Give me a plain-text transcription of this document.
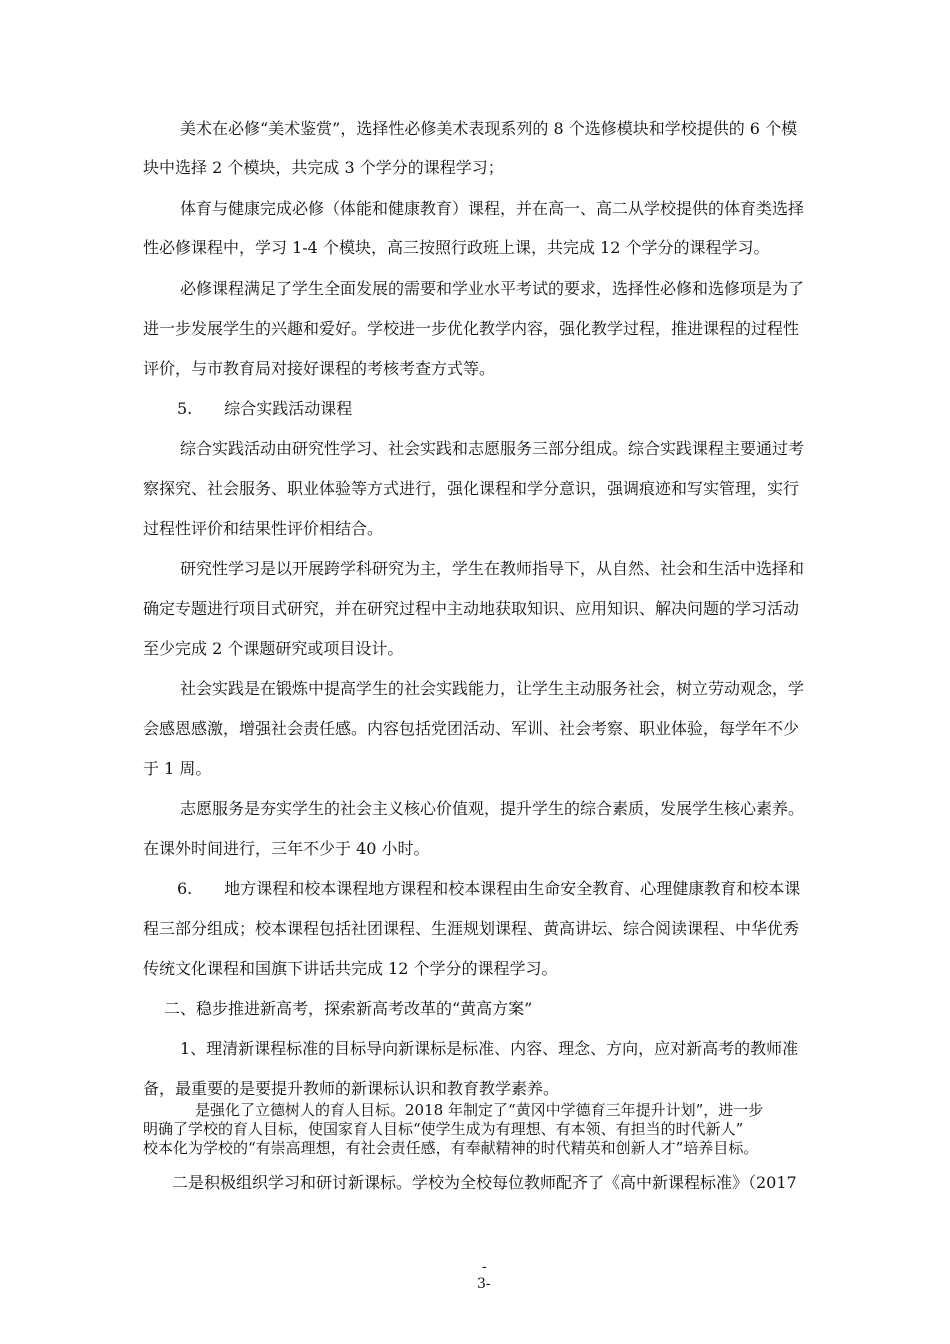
美术在必修“美术鉴赏”，选择性必修美术表现系列的 8 个选修模块和学校提供的 6 个模
块中选择 2 个模块，共完成 3 个学分的课程学习；
体育与健康完成必修（体能和健康教育）课程，并在高一、高二从学校提供的体育类选择
性必修课程中，学习 1-4 个模块，高三按照行政班上课，共完成 12 个学分的课程学习。
必修课程满足了学生全面发展的需要和学业水平考试的要求，选择性必修和选修项是为了
进一步发展学生的兴趣和爱好。学校进一步优化教学内容，强化教学过程，推进课程的过程性
评价，与市教育局对接好课程的考核考查方式等。
5.　　综合实践活动课程
综合实践活动由研究性学习、社会实践和志愿服务三部分组成。综合实践课程主要通过考
察探究、社会服务、职业体验等方式进行，强化课程和学分意识，强调痕迹和写实管理，实行
过程性评价和结果性评价相结合。
研究性学习是以开展跨学科研究为主，学生在教师指导下，从自然、社会和生活中选择和
确定专题进行项目式研究，并在研究过程中主动地获取知识、应用知识、解决问题的学习活动
至少完成 2 个课题研究或项目设计。
社会实践是在锻炼中提高学生的社会实践能力，让学生主动服务社会，树立劳动观念，学
会感恩感激，增强社会责任感。内容包括党团活动、军训、社会考察、职业体验，每学年不少
于 1 周。
志愿服务是夯实学生的社会主义核心价值观，提升学生的综合素质，发展学生核心素养。
在课外时间进行，三年不少于 40 小时。
6.　　地方课程和校本课程地方课程和校本课程由生命安全教育、心理健康教育和校本课
程三部分组成；校本课程包括社团课程、生涯规划课程、黄高讲坛、综合阅读课程、中华优秀
传统文化课程和国旗下讲话共完成 12 个学分的课程学习。
二、稳步推进新高考，探索新高考改革的“黄高方案”
1、理清新课程标准的目标导向新课标是标准、内容、理念、方向，应对新高考的教师准
备，最重要的是要提升教师的新课标认识和教育教学素养。
是强化了立德树人的育人目标。2018 年制定了“黄冈中学德育三年提升计划”，进一步
明确了学校的育人目标，使国家育人目标“使学生成为有理想、有本领、有担当的时代新人”
校本化为学校的“有崇高理想，有社会责任感，有奉献精神的时代精英和创新人才”培养目标。
二是积极组织学习和研讨新课标。学校为全校每位教师配齐了《高中新课程标准》（2017
-
3-
